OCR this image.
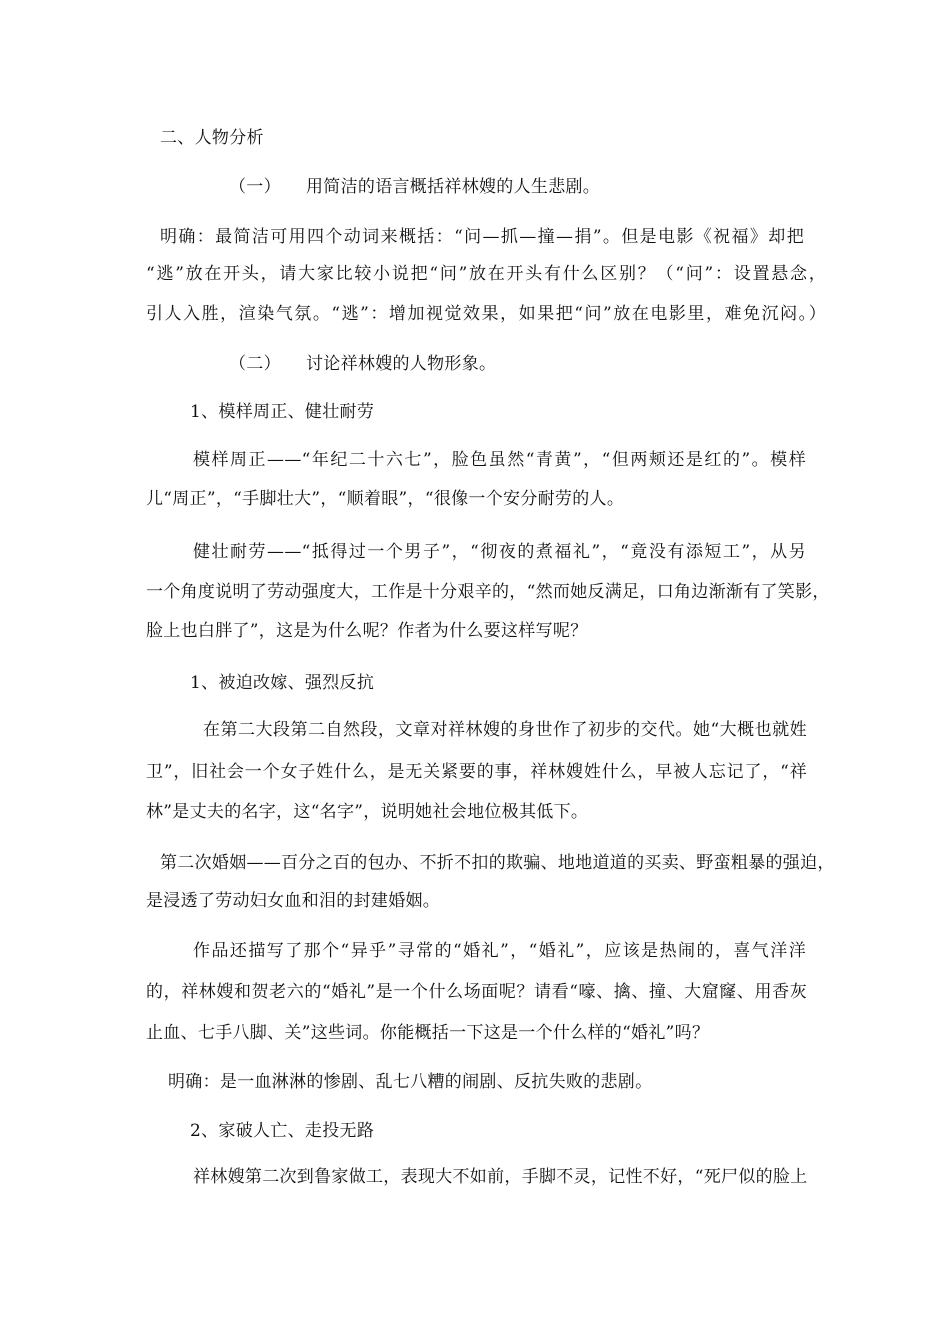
二、人物分析
（一） 用简洁的语言概括祥林嫂的人生悲剧。
明确：最简洁可用四个动词来概括：“问—抓—撞—捐”。但是电影《祝福》却把
“逃”放在开头，请大家比较小说把“问”放在开头有什么区别？（“问”：设置悬念，
引人入胜，渲染气氛。“逃”：增加视觉效果，如果把“问”放在电影里，难免沉闷。）
（二） 讨论祥林嫂的人物形象。
1、模样周正、健壮耐劳
模样周正——“年纪二十六七”，脸色虽然“青黄”，“但两颊还是红的”。模样
儿“周正”，“手脚壮大”，“顺着眼”，“很像一个安分耐劳的人。
健壮耐劳——“抵得过一个男子”，“彻夜的煮福礼”，“竟没有添短工”，从另
一个角度说明了劳动强度大，工作是十分艰辛的，“然而她反满足，口角边渐渐有了笑影，
脸上也白胖了”，这是为什么呢？作者为什么要这样写呢？
1、被迫改嫁、强烈反抗
在第二大段第二自然段，文章对祥林嫂的身世作了初步的交代。她“大概也就姓
卫”，旧社会一个女子姓什么，是无关紧要的事，祥林嫂姓什么，早被人忘记了，“祥
林”是丈夫的名字，这“名字”，说明她社会地位极其低下。
第二次婚姻——百分之百的包办、不折不扣的欺骗、地地道道的买卖、野蛮粗暴的强迫，
是浸透了劳动妇女血和泪的封建婚姻。
作品还描写了那个“异乎”寻常的“婚礼”，“婚礼”，应该是热闹的，喜气洋洋
的，祥林嫂和贺老六的“婚礼”是一个什么场面呢？请看“嚎、擒、撞、大窟窿、用香灰
止血、七手八脚、关”这些词。你能概括一下这是一个什么样的“婚礼”吗？
明确：是一血淋淋的惨剧、乱七八糟的闹剧、反抗失败的悲剧。
2、家破人亡、走投无路
祥林嫂第二次到鲁家做工，表现大不如前，手脚不灵，记性不好，“死尸似的脸上
